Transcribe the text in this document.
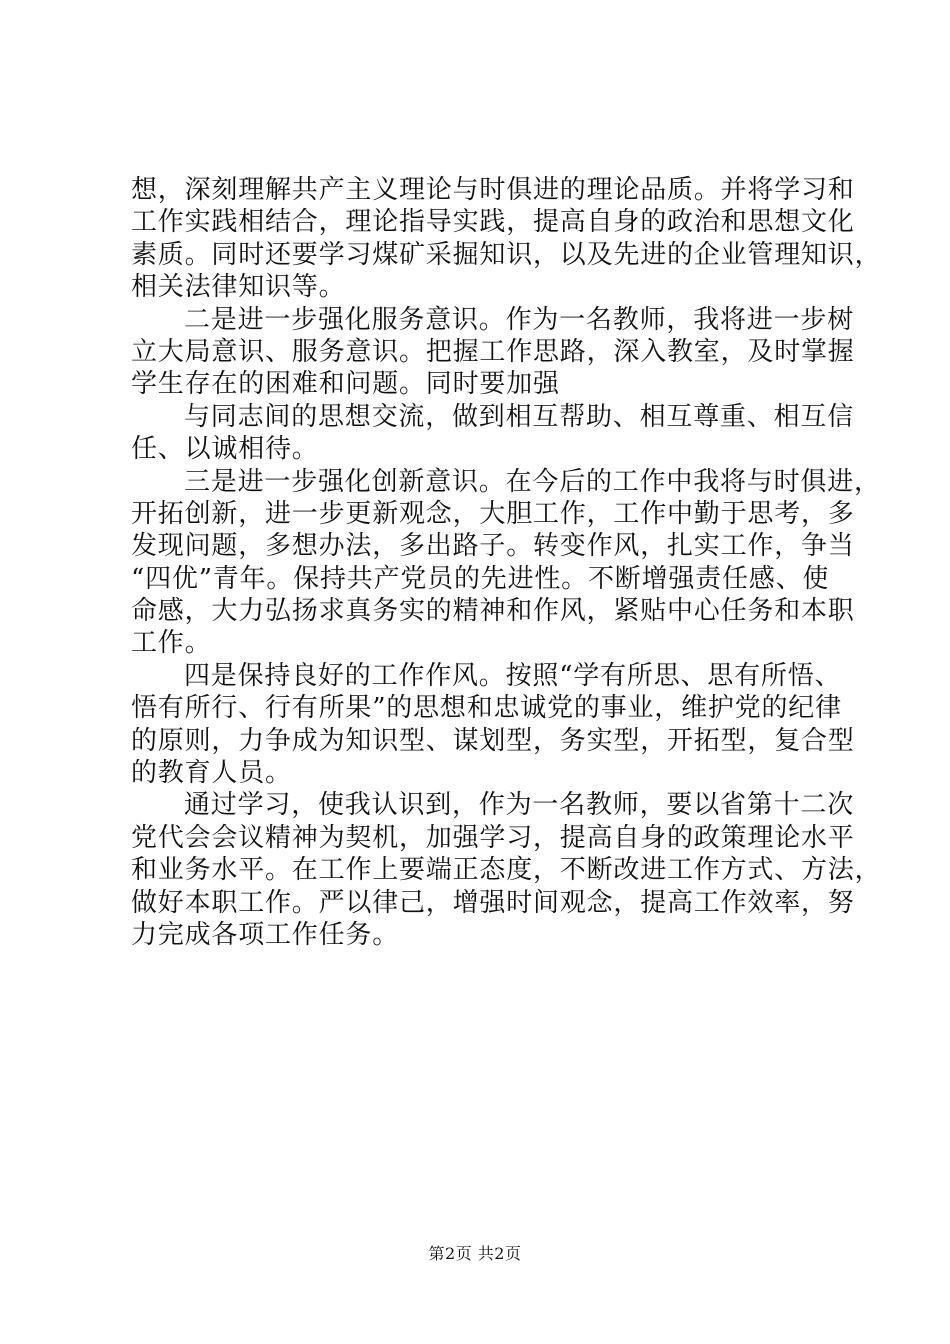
想，深刻理解共产主义理论与时俱进的理论品质。并将学习和
工作实践相结合，理论指导实践，提高自身的政治和思想文化
素质。同时还要学习煤矿采掘知识，以及先进的企业管理知识，
相关法律知识等。
二是进一步强化服务意识。作为一名教师，我将进一步树
立大局意识、服务意识。把握工作思路，深入教室，及时掌握
学生存在的困难和问题。同时要加强
与同志间的思想交流，做到相互帮助、相互尊重、相互信
任、以诚相待。
三是进一步强化创新意识。在今后的工作中我将与时俱进，
开拓创新，进一步更新观念，大胆工作，工作中勤于思考，多
发现问题，多想办法，多出路子。转变作风，扎实工作，争当
“四优”青年。保持共产党员的先进性。不断增强责任感、使
命感，大力弘扬求真务实的精神和作风，紧贴中心任务和本职
工作。
四是保持良好的工作作风。按照“学有所思、思有所悟、
悟有所行、行有所果”的思想和忠诚党的事业，维护党的纪律
的原则，力争成为知识型、谋划型，务实型，开拓型，复合型
的教育人员。
通过学习，使我认识到，作为一名教师，要以省第十二次
党代会会议精神为契机，加强学习，提高自身的政策理论水平
和业务水平。在工作上要端正态度，不断改进工作方式、方法，
做好本职工作。严以律己，增强时间观念，提高工作效率，努
力完成各项工作任务。
第2页 共2页
